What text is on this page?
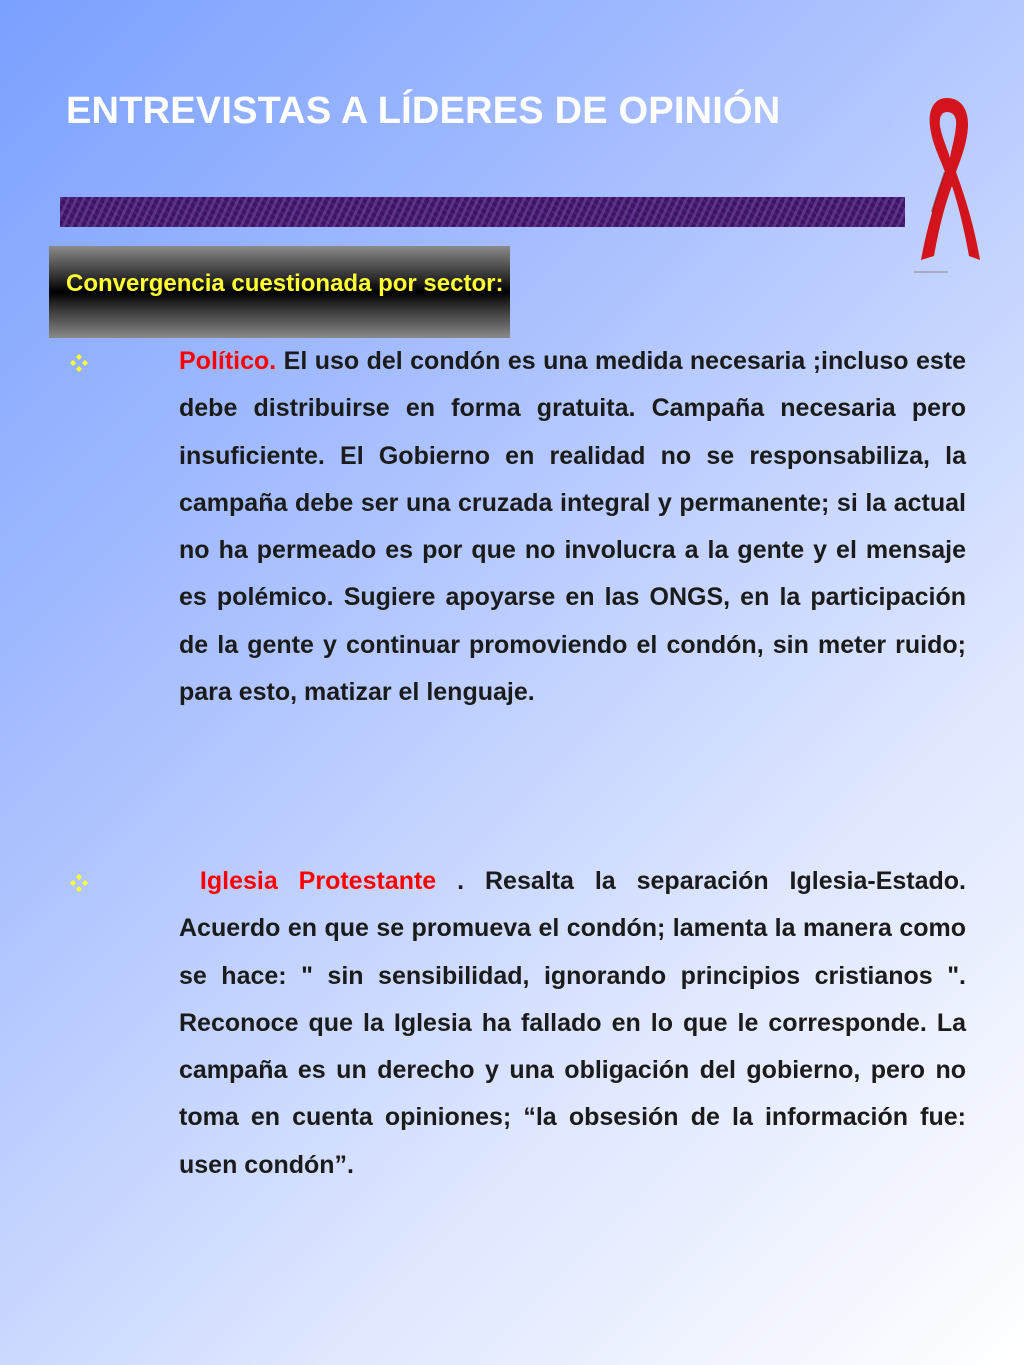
ENTREVISTAS A LÍDERES DE OPINIÓN
Convergencia cuestionada por sector:

Político. El uso del condón es una medida necesaria ;incluso este debe distribuirse en forma gratuita. Campaña necesaria pero insuficiente. El Gobierno en realidad no se responsabiliza, la campaña debe ser una cruzada integral y permanente; si la actual no ha permeado es por que no involucra a la gente y el mensaje es polémico. Sugiere apoyarse en las ONGS, en la participación de la gente y continuar promoviendo el condón, sin meter ruido; para esto, matizar el lenguaje.

Iglesia Protestante . Resalta la separación Iglesia-Estado. Acuerdo en que se promueva el condón; lamenta la manera como se hace: " sin sensibilidad, ignorando principios cristianos ". Reconoce que la Iglesia ha fallado en lo que le corresponde. La campaña es un derecho y una obligación del gobierno, pero no toma en cuenta opiniones; “la obsesión de la información fue: usen condón”.
